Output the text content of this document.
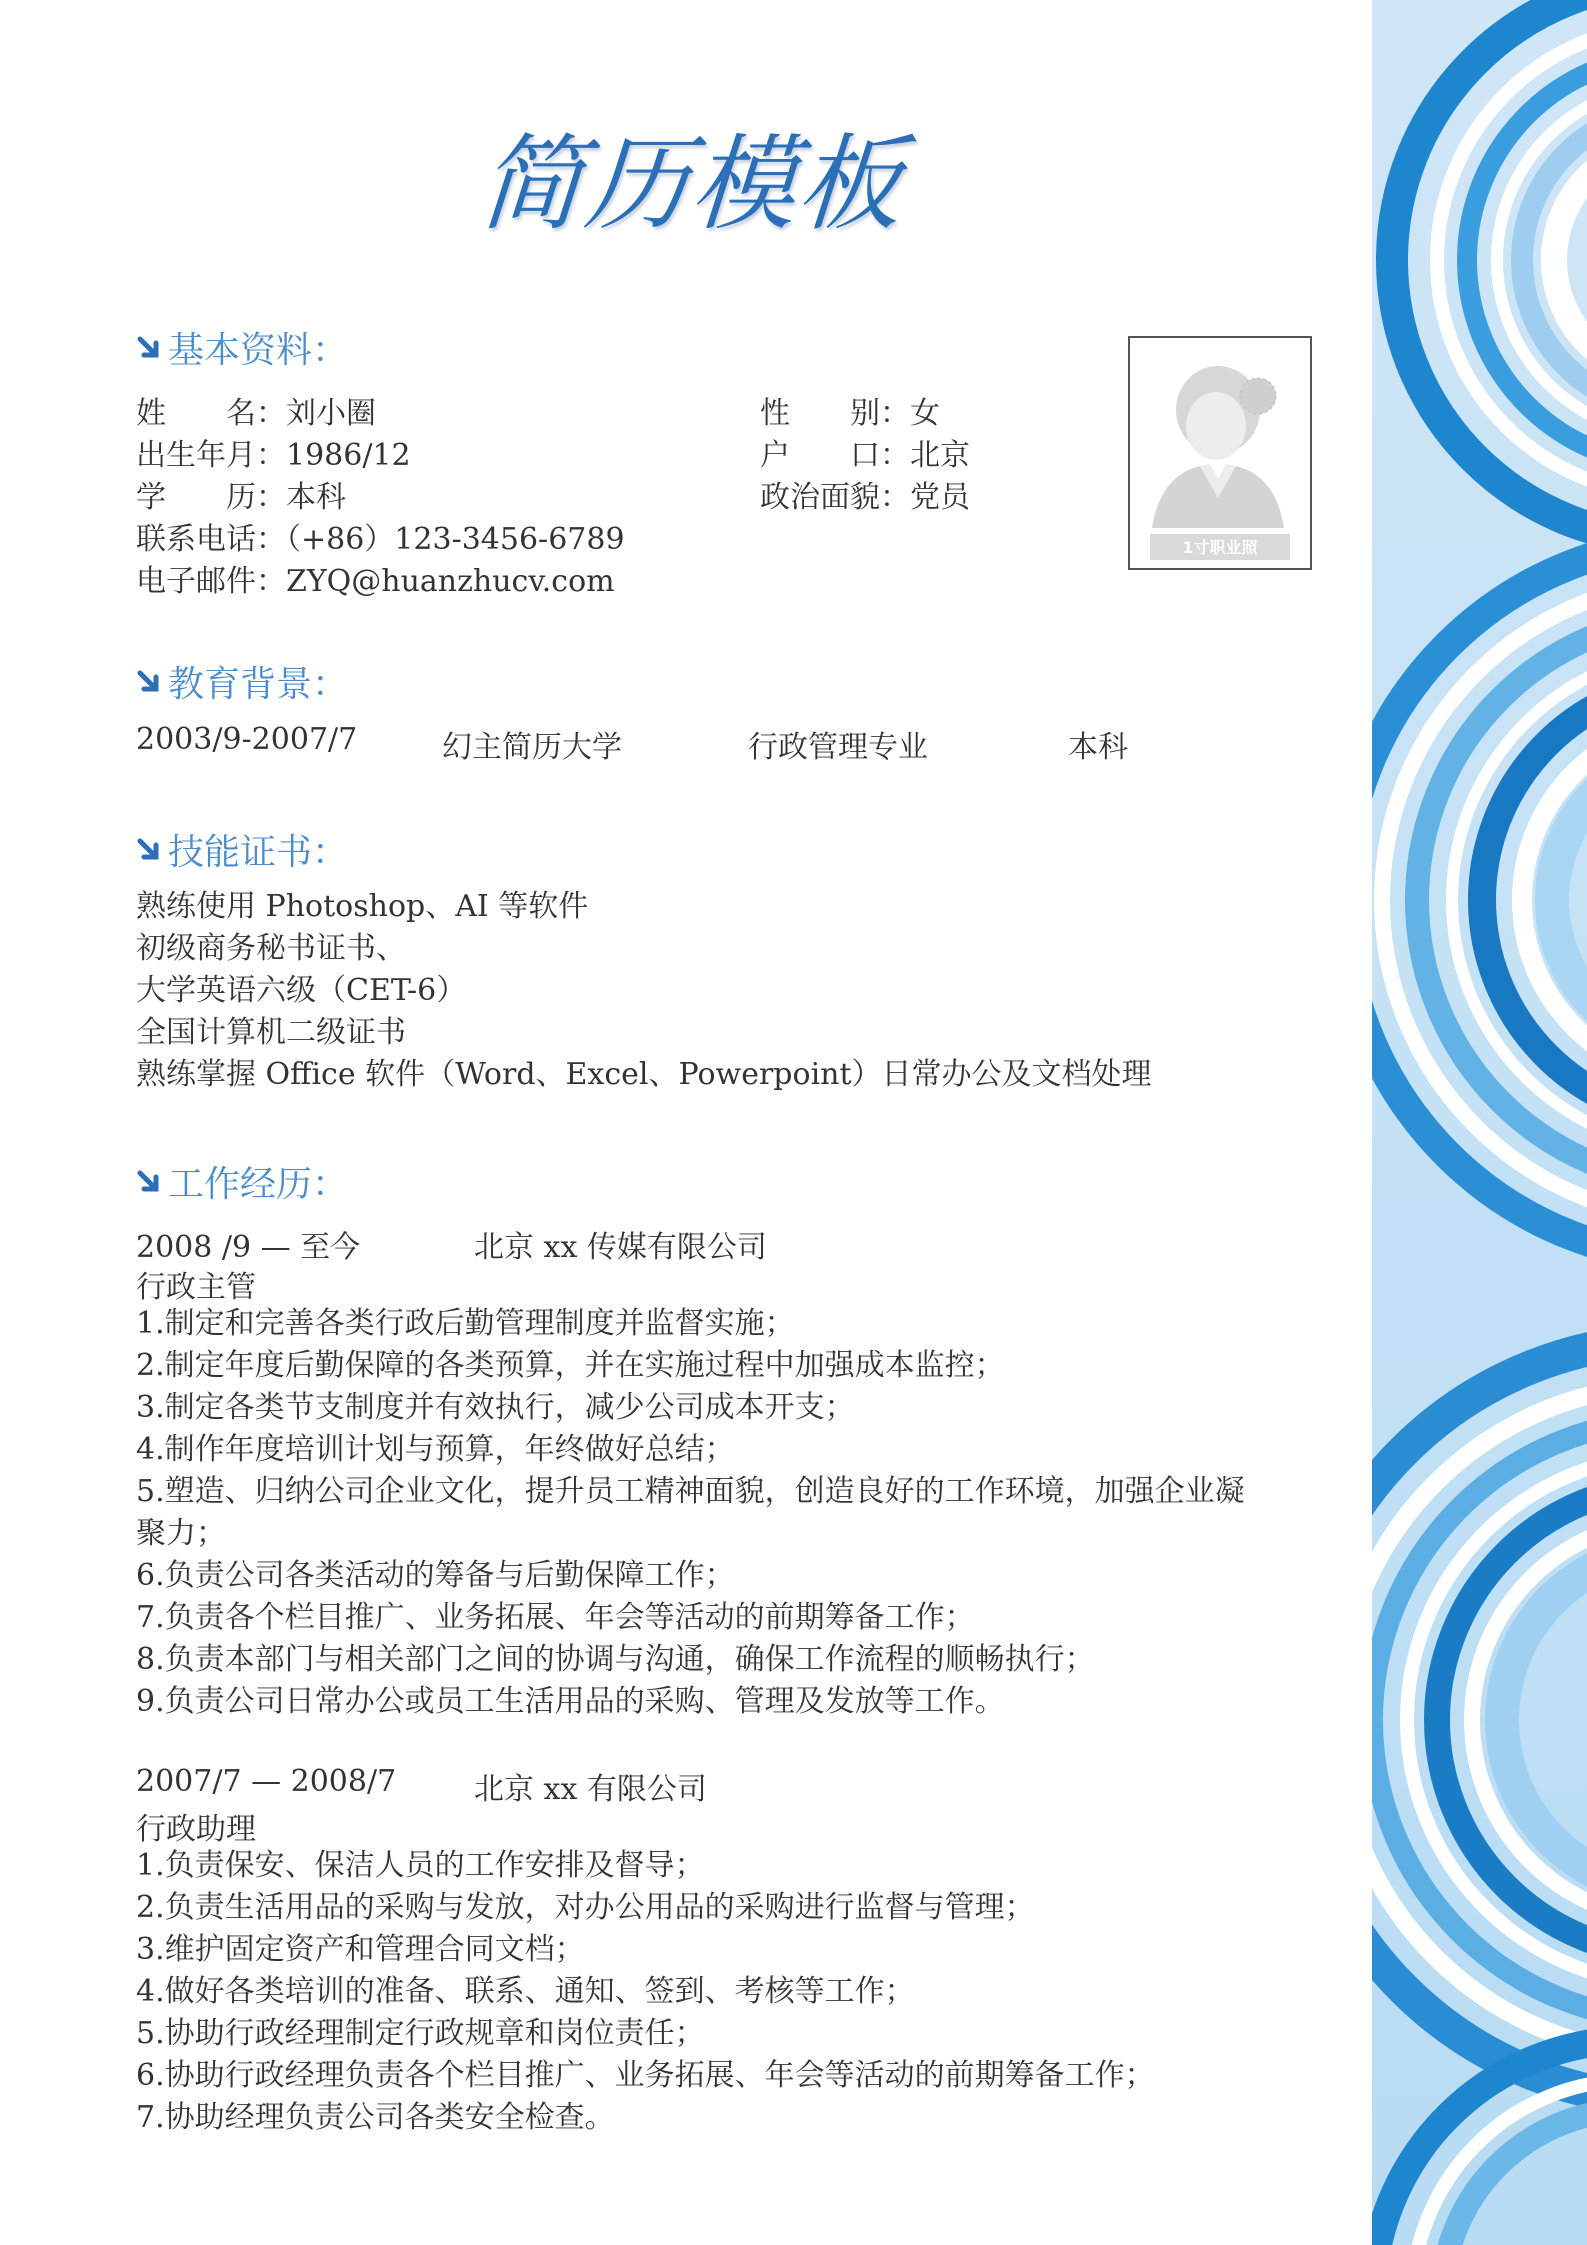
简历模板
基本资料：
姓　　名：刘小圈
出生年月：1986/12
学　　历：本科
联系电话：（+86）123-3456-6789
电子邮件：ZYQ@huanzhucv.com
性　　别：女
户　　口：北京
政治面貌：党员
1寸职业照
教育背景：
2003/9-2007/7	幻主简历大学	行政管理专业	本科
技能证书：
熟练使用 Photoshop、AI 等软件
初级商务秘书证书、
大学英语六级（CET-6）
全国计算机二级证书
熟练掌握 Office 软件（Word、Excel、Powerpoint）日常办公及文档处理
工作经历：
2008 /9 — 至今	北京 xx 传媒有限公司
行政主管
1.制定和完善各类行政后勤管理制度并监督实施；
2.制定年度后勤保障的各类预算，并在实施过程中加强成本监控；
3.制定各类节支制度并有效执行，减少公司成本开支；
4.制作年度培训计划与预算，年终做好总结；
5.塑造、归纳公司企业文化，提升员工精神面貌，创造良好的工作环境，加强企业凝
聚力；
6.负责公司各类活动的筹备与后勤保障工作；
7.负责各个栏目推广、业务拓展、年会等活动的前期筹备工作；
8.负责本部门与相关部门之间的协调与沟通，确保工作流程的顺畅执行；
9.负责公司日常办公或员工生活用品的采购、管理及发放等工作。
2007/7 — 2008/7	北京 xx 有限公司
行政助理
1.负责保安、保洁人员的工作安排及督导；
2.负责生活用品的采购与发放，对办公用品的采购进行监督与管理；
3.维护固定资产和管理合同文档；
4.做好各类培训的准备、联系、通知、签到、考核等工作；
5.协助行政经理制定行政规章和岗位责任；
6.协助行政经理负责各个栏目推广、业务拓展、年会等活动的前期筹备工作；
7.协助经理负责公司各类安全检查。
